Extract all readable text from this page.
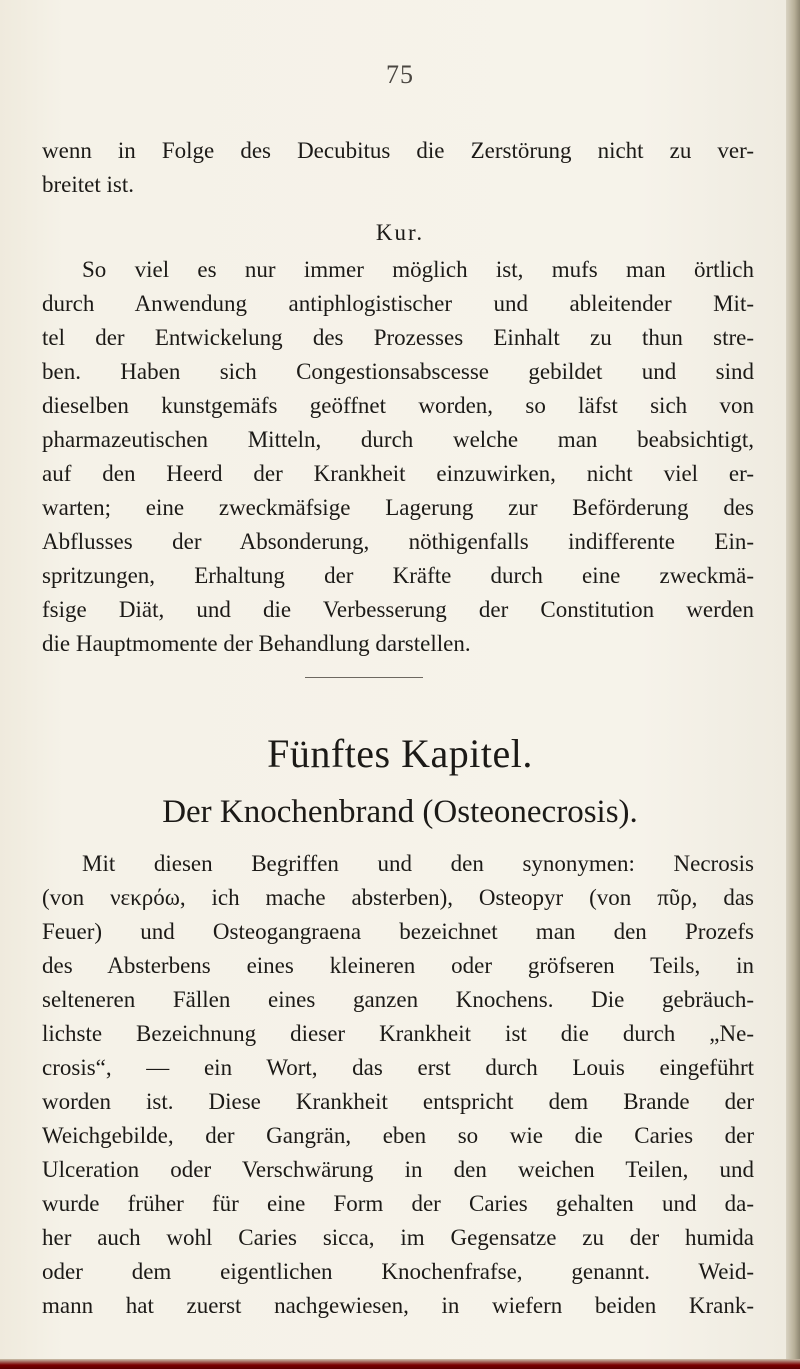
75
wenn in Folge des Decubitus die Zerstörung nicht zu ver-
breitet ist.
Kur.
So viel es nur immer möglich ist, mufs man örtlich
durch Anwendung antiphlogistischer und ableitender Mit-
tel der Entwickelung des Prozesses Einhalt zu thun stre-
ben. Haben sich Congestionsabscesse gebildet und sind
dieselben kunstgemäfs geöffnet worden, so läfst sich von
pharmazeutischen Mitteln, durch welche man beabsichtigt,
auf den Heerd der Krankheit einzuwirken, nicht viel er-
warten; eine zweckmäfsige Lagerung zur Beförderung des
Abflusses der Absonderung, nöthigenfalls indifferente Ein-
spritzungen, Erhaltung der Kräfte durch eine zweckmä-
fsige Diät, und die Verbesserung der Constitution werden
die Hauptmomente der Behandlung darstellen.
Fünftes Kapitel.
Der Knochenbrand (Osteonecrosis).
Mit diesen Begriffen und den synonymen: Necrosis
(von νεκρόω, ich mache absterben), Osteopyr (von πῦρ, das
Feuer) und Osteogangraena bezeichnet man den Prozefs
des Absterbens eines kleineren oder gröfseren Teils, in
selteneren Fällen eines ganzen Knochens. Die gebräuch-
lichste Bezeichnung dieser Krankheit ist die durch „Ne-
crosis“, — ein Wort, das erst durch Louis eingeführt
worden ist. Diese Krankheit entspricht dem Brande der
Weichgebilde, der Gangrän, eben so wie die Caries der
Ulceration oder Verschwärung in den weichen Teilen, und
wurde früher für eine Form der Caries gehalten und da-
her auch wohl Caries sicca, im Gegensatze zu der humida
oder dem eigentlichen Knochenfrafse, genannt. Weid-
mann hat zuerst nachgewiesen, in wiefern beiden Krank-
